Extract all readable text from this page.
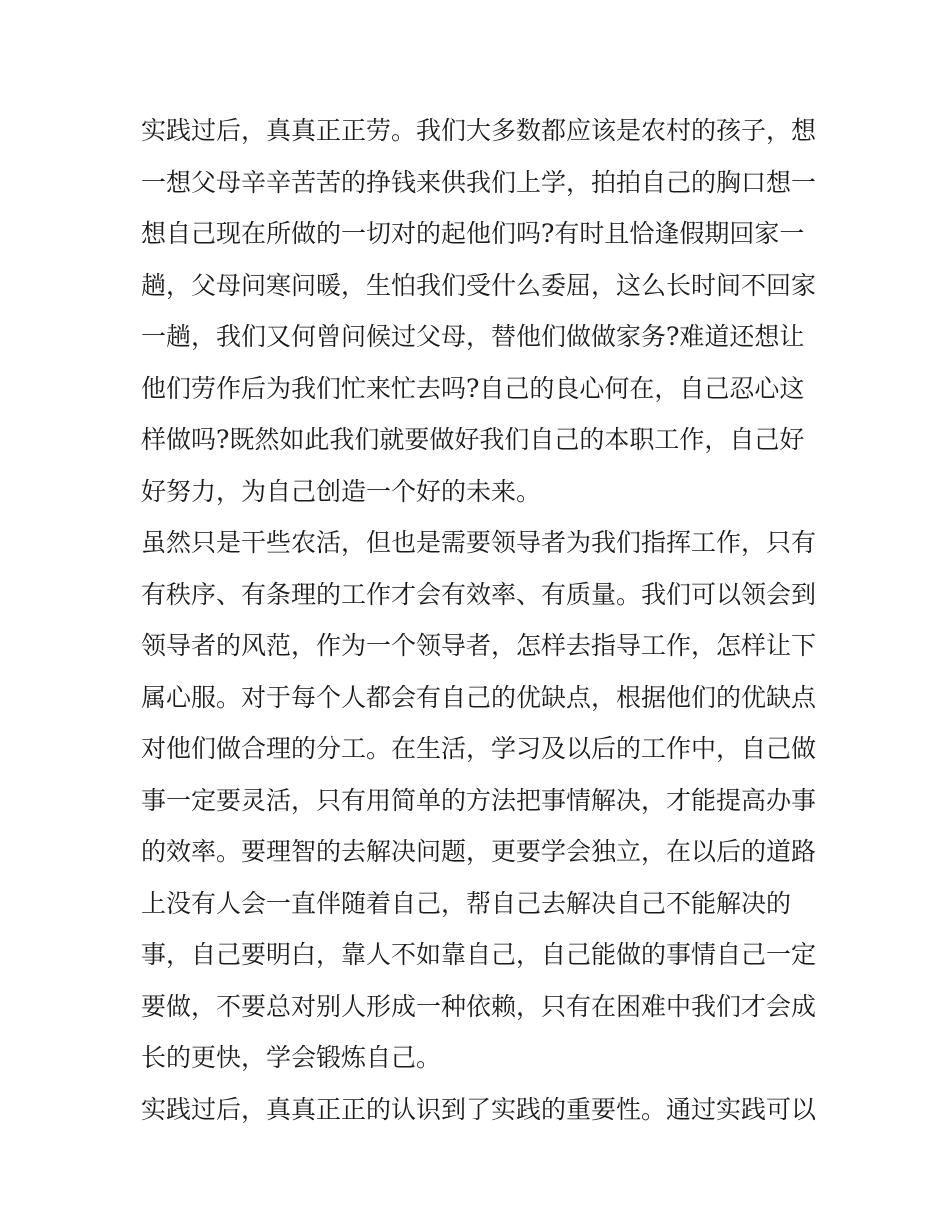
实践过后，真真正正劳。我们大多数都应该是农村的孩子，想
一想父母辛辛苦苦的挣钱来供我们上学，拍拍自己的胸口想一
想自己现在所做的一切对的起他们吗?有时且恰逢假期回家一
趟，父母问寒问暖，生怕我们受什么委屈，这么长时间不回家
一趟，我们又何曾问候过父母，替他们做做家务?难道还想让
他们劳作后为我们忙来忙去吗?自己的良心何在，自己忍心这
样做吗?既然如此我们就要做好我们自己的本职工作，自己好
好努力，为自己创造一个好的未来。
虽然只是干些农活，但也是需要领导者为我们指挥工作，只有
有秩序、有条理的工作才会有效率、有质量。我们可以领会到
领导者的风范，作为一个领导者，怎样去指导工作，怎样让下
属心服。对于每个人都会有自己的优缺点，根据他们的优缺点
对他们做合理的分工。在生活，学习及以后的工作中，自己做
事一定要灵活，只有用简单的方法把事情解决，才能提高办事
的效率。要理智的去解决问题，更要学会独立，在以后的道路
上没有人会一直伴随着自己，帮自己去解决自己不能解决的
事，自己要明白，靠人不如靠自己，自己能做的事情自己一定
要做，不要总对别人形成一种依赖，只有在困难中我们才会成
长的更快，学会锻炼自己。
实践过后，真真正正的认识到了实践的重要性。通过实践可以
